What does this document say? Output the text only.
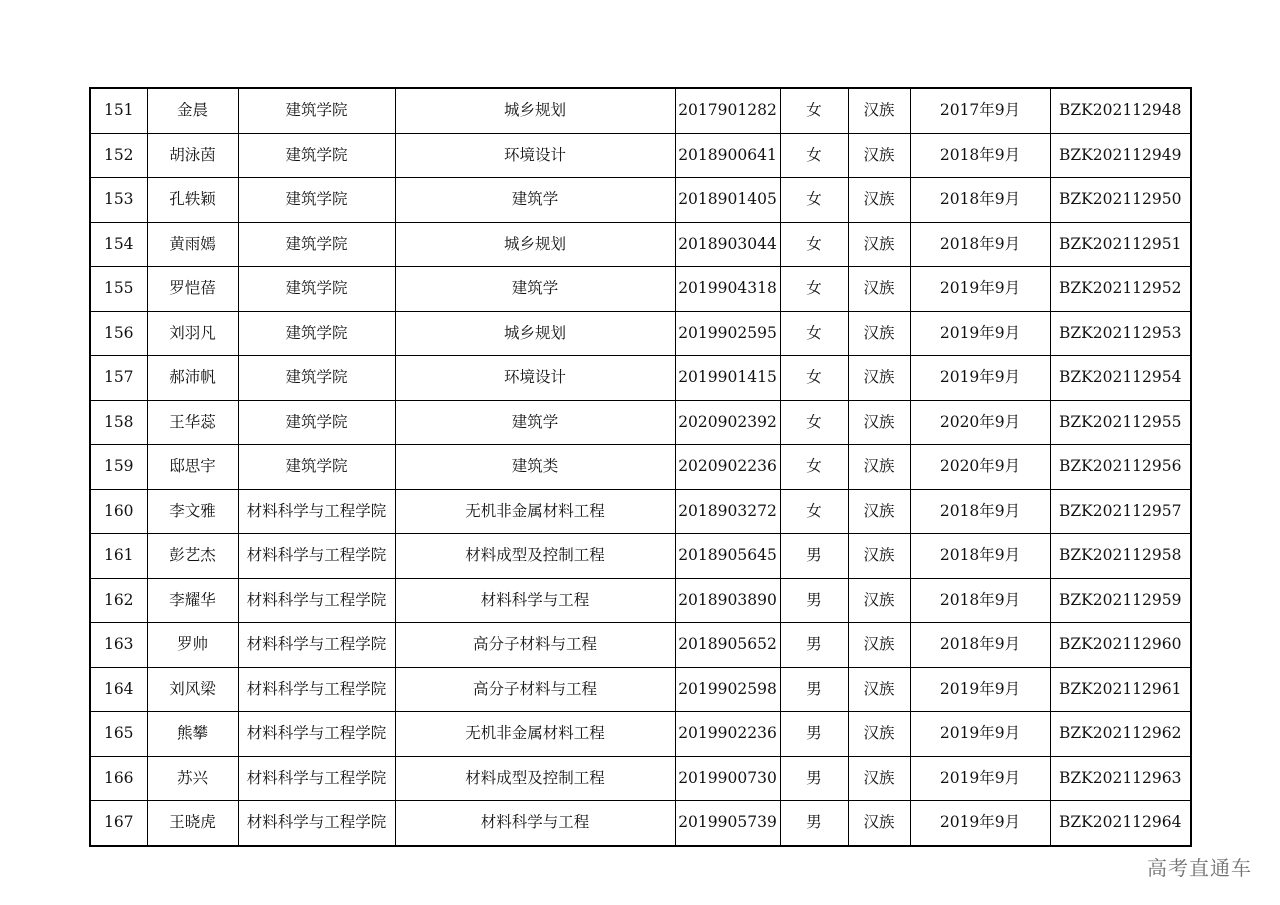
151	金晨	建筑学院	城乡规划	2017901282	女	汉族	2017年9月	BZK202112948
152	胡泳茵	建筑学院	环境设计	2018900641	女	汉族	2018年9月	BZK202112949
153	孔轶颖	建筑学院	建筑学	2018901405	女	汉族	2018年9月	BZK202112950
154	黄雨嫣	建筑学院	城乡规划	2018903044	女	汉族	2018年9月	BZK202112951
155	罗恺蓓	建筑学院	建筑学	2019904318	女	汉族	2019年9月	BZK202112952
156	刘羽凡	建筑学院	城乡规划	2019902595	女	汉族	2019年9月	BZK202112953
157	郝沛帆	建筑学院	环境设计	2019901415	女	汉族	2019年9月	BZK202112954
158	王华蕊	建筑学院	建筑学	2020902392	女	汉族	2020年9月	BZK202112955
159	邸思宇	建筑学院	建筑类	2020902236	女	汉族	2020年9月	BZK202112956
160	李文雅	材料科学与工程学院	无机非金属材料工程	2018903272	女	汉族	2018年9月	BZK202112957
161	彭艺杰	材料科学与工程学院	材料成型及控制工程	2018905645	男	汉族	2018年9月	BZK202112958
162	李耀华	材料科学与工程学院	材料科学与工程	2018903890	男	汉族	2018年9月	BZK202112959
163	罗帅	材料科学与工程学院	高分子材料与工程	2018905652	男	汉族	2018年9月	BZK202112960
164	刘风梁	材料科学与工程学院	高分子材料与工程	2019902598	男	汉族	2019年9月	BZK202112961
165	熊攀	材料科学与工程学院	无机非金属材料工程	2019902236	男	汉族	2019年9月	BZK202112962
166	苏兴	材料科学与工程学院	材料成型及控制工程	2019900730	男	汉族	2019年9月	BZK202112963
167	王晓虎	材料科学与工程学院	材料科学与工程	2019905739	男	汉族	2019年9月	BZK202112964
高考直通车
